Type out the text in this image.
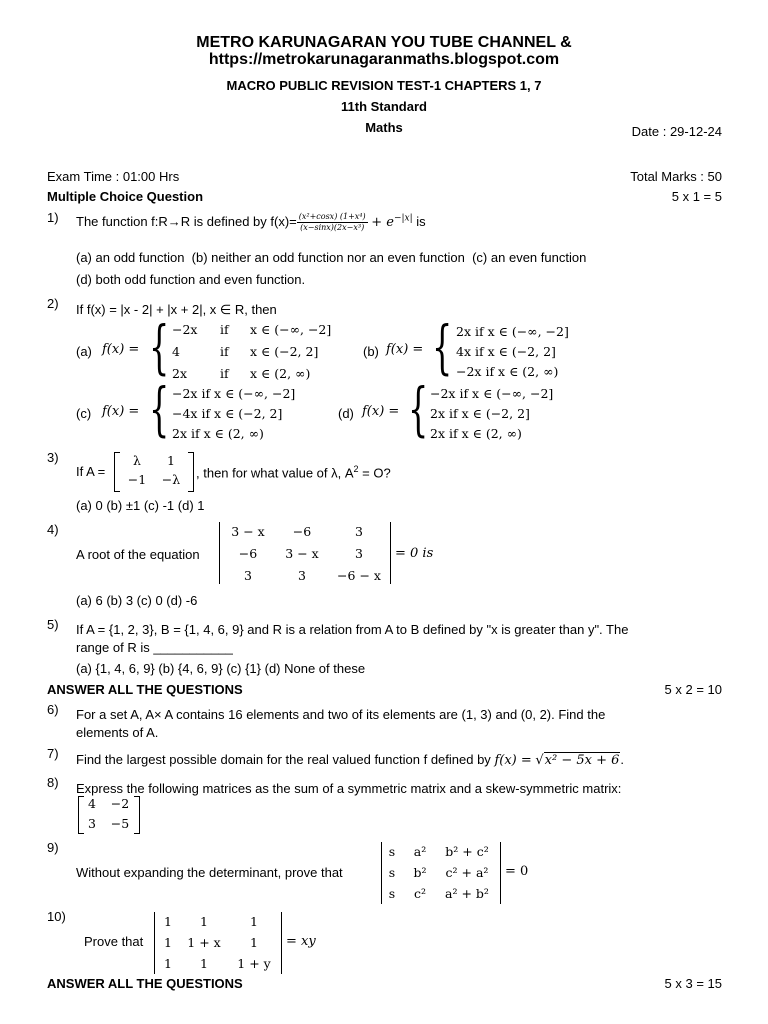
METRO KARUNAGARAN YOU TUBE CHANNEL &
https://metrokarunagaranmaths.blogspot.com
MACRO PUBLIC REVISION TEST-1 CHAPTERS 1, 7
11th Standard
Maths	Date : 29-12-24
Exam Time : 01:00 Hrs	Total Marks : 50
Multiple Choice Question	5 x 1 = 5
1) The function f:R→R is defined by $f(x)= \frac{\text{(x²+cosx) (1+x⁴)}}{\text{(x−sinx)(2x−x³)}} + e^{-|x|}$ is
(a) an odd function (b) neither an odd function nor an even function (c) an even function
(d) both odd function and even function.
2) If f(x) = |x - 2| + |x + 2|, x ∈ R, then
(a) f(x) = { −2x if x ∈ (−∞, −2]
4	if x ∈ (−2, 2]
2x	if x ∈ (2, ∞)
(b) f(x) = { 2x if x ∈ (−∞, −2]
4x if x ∈ (−2, 2]
−2x if x ∈ (2, ∞)
(c) f(x) = { −2x if x ∈ (−∞, −2]
−4x if x ∈ (−2, 2]
2x if x ∈ (2, ∞)
(d) f(x) = { −2x if x ∈ (−∞, −2]
2x if x ∈ (−2, 2]
2x if x ∈ (2, ∞)
3)
If A =
λ	1
−1	−λ , then for what value of λ, $A^2 = O$?
(a) 0 (b) ±1 (c) -1 (d) 1
4)
A root of the equation
3 − x	−6	3
−6	3 − x	3
3	3	−6 − x
= 0 is
(a) 6 (b) 3 (c) 0 (d) -6
5) If A = {1, 2, 3}, B = {1, 4, 6, 9} and R is a relation from A to B defined by "x is greater than y". The
range of R is ___________
(a) {1, 4, 6, 9} (b) {4, 6, 9} (c) {1} (d) None of these
ANSWER ALL THE QUESTIONS	5 x 2 = 10
6) For a set A, A× A contains 16 elements and two of its elements are (1, 3) and (0, 2). Find the
elements of A.
7) Find the largest possible domain for the real valued function f defined by f(x) = √x² − 5x + 6.
8) Express the following matrices as the sum of a symmetric matrix and a skew-symmetric matrix:
4	−2
3	−5
9)
Without expanding the determinant, prove that
s	a²	b² + c²
s	b²	c² + a²
s	c²	a² + b²
= 0
10)
Prove that
1	1	1
1	1 + x	1
1	1	1 + y
= xy
ANSWER ALL THE QUESTIONS	5 x 3 = 15
